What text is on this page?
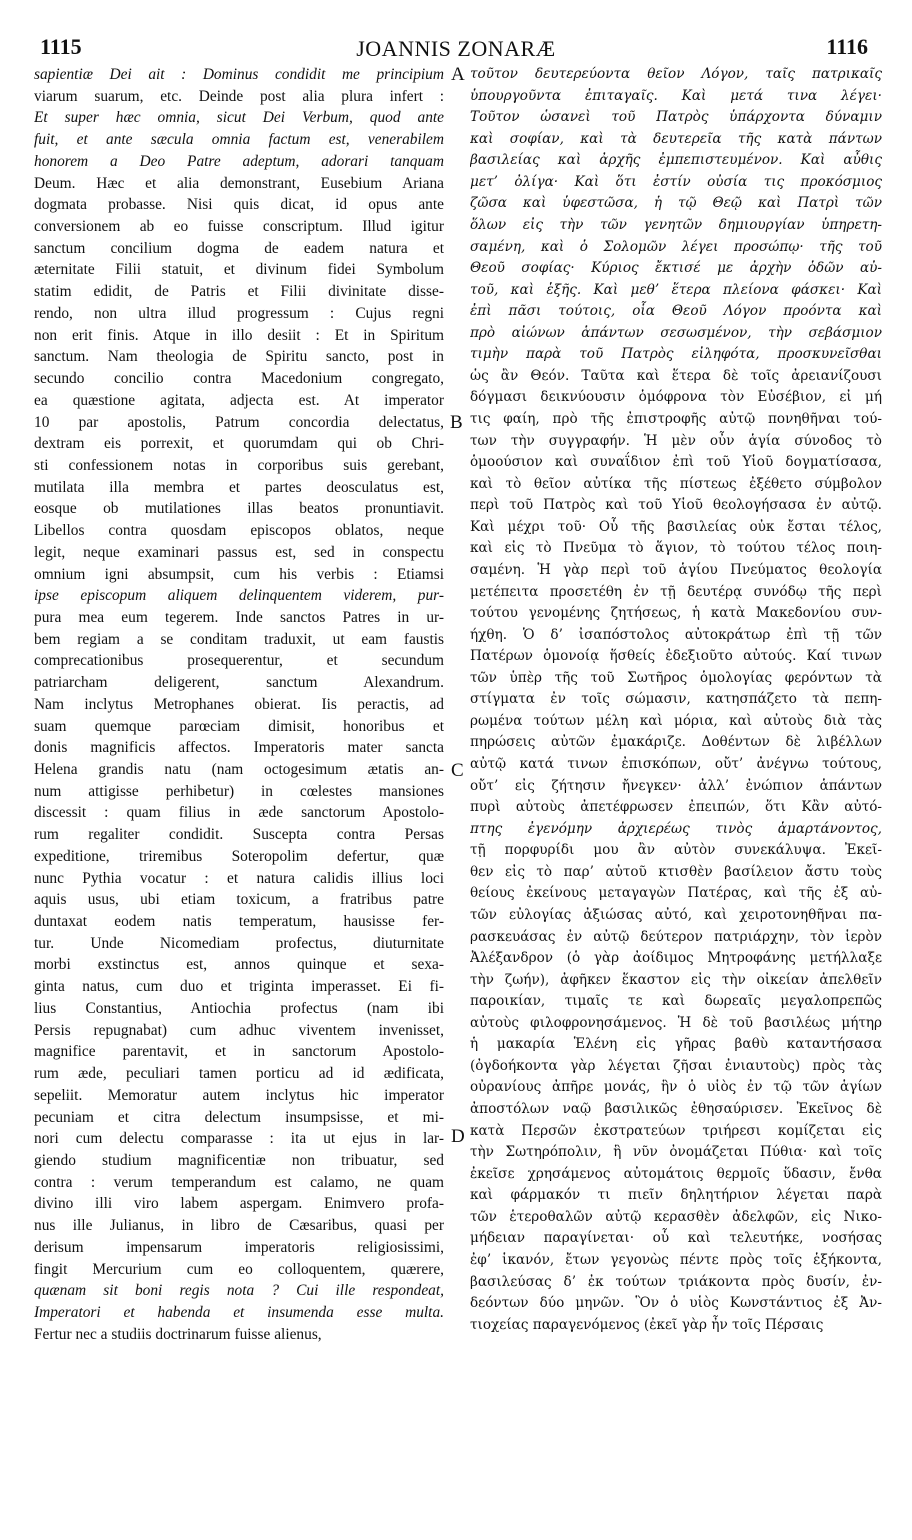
1115	JOANNIS ZONARÆ	1116
sapientiæ Dei ait : Dominus condidit me principium
viarum suarum, etc. Deinde post alia plura infert :
Et super hæc omnia, sicut Dei Verbum, quod ante
fuit, et ante sæcula omnia factum est, venerabilem
honorem a Deo Patre adeptum, adorari tanquam
Deum. Hæc et alia demonstrant, Eusebium Ariana
dogmata probasse. Nisi quis dicat, id opus ante
conversionem ab eo fuisse conscriptum. Illud igitur
sanctum concilium dogma de eadem natura et
æternitate Filii statuit, et divinum fidei Symbolum
statim edidit, de Patris et Filii divinitate disse-
rendo, non ultra illud progressum : Cujus regni
non erit finis. Atque in illo desiit : Et in Spiritum
sanctum. Nam theologia de Spiritu sancto, post in
secundo concilio contra Macedonium congregato,
ea quæstione agitata, adjecta est. At imperator
10 par apostolis, Patrum concordia delectatus,
dextram eis porrexit, et quorumdam qui ob Chri-
sti confessionem notas in corporibus suis gerebant,
mutilata illa membra et partes deosculatus est,
eosque ob mutilationes illas beatos pronuntiavit.
Libellos contra quosdam episcopos oblatos, neque
legit, neque examinari passus est, sed in conspectu
omnium igni absumpsit, cum his verbis : Etiamsi
ipse episcopum aliquem delinquentem viderem, pur-
pura mea eum tegerem. Inde sanctos Patres in ur-
bem regiam a se conditam traduxit, ut eam faustis
comprecationibus prosequerentur, et secundum
patriarcham deligerent, sanctum Alexandrum.
Nam inclytus Metrophanes obierat. Iis peractis, ad
suam quemque parœciam dimisit, honoribus et
donis magnificis affectos. Imperatoris mater sancta
Helena grandis natu (nam octogesimum ætatis an-
num attigisse perhibetur) in cœlestes mansiones
discessit : quam filius in æde sanctorum Apostolo-
rum regaliter condidit. Suscepta contra Persas
expeditione, triremibus Soteropolim defertur, quæ
nunc Pythia vocatur : et natura calidis illius loci
aquis usus, ubi etiam toxicum, a fratribus patre
duntaxat eodem natis temperatum, hausisse fer-
tur. Unde Nicomediam profectus, diuturnitate
morbi exstinctus est, annos quinque et sexa-
ginta natus, cum duo et triginta imperasset. Ei fi-
lius Constantius, Antiochia profectus (nam ibi
Persis repugnabat) cum adhuc viventem invenisset,
magnifice parentavit, et in sanctorum Apostolo-
rum æde, peculiari tamen porticu ad id ædificata,
sepeliit. Memoratur autem inclytus hic imperator
pecuniam et citra delectum insumpsisse, et mi-
nori cum delectu comparasse : ita ut ejus in lar-
giendo studium magnificentiæ non tribuatur, sed
contra : verum temperandum est calamo, ne quam
divino illi viro labem aspergam. Enimvero profa-
nus ille Julianus, in libro de Cæsaribus, quasi per
derisum impensarum imperatoris religiosissimi,
fingit Mercurium cum eo colloquentem, quærere,
quænam sit boni regis nota ? Cui ille respondeat,
Imperatori et habenda et insumenda esse multa.
Fertur nec a studiis doctrinarum fuisse alienus,
τοῦτον δευτερεύοντα θεῖον Λόγον, ταῖς πατρικαῖς
ὑπουργοῦντα ἐπιταγαῖς. Καὶ μετά τινα λέγει·
Τοῦτον ὡσανεὶ τοῦ Πατρὸς ὑπάρχοντα δύναμιν
καὶ σοφίαν, καὶ τὰ δευτερεῖα τῆς κατὰ πάντων
βασιλείας καὶ ἀρχῆς ἐμπεπιστευμένον. Καὶ αὖθις
μετ’ ὀλίγα· Καὶ ὅτι ἐστίν οὐσία τις προκόσμιος
ζῶσα καὶ ὑφεστῶσα, ἡ τῷ Θεῷ καὶ Πατρὶ τῶν
ὅλων εἰς τὴν τῶν γενητῶν δημιουργίαν ὑπηρετη-
σαμένη, καὶ ὁ Σολομῶν λέγει προσώπῳ· τῆς τοῦ
Θεοῦ σοφίας· Κύριος ἔκτισέ με ἀρχὴν ὁδῶν αὐ-
τοῦ, καὶ ἑξῆς. Καὶ μεθ’ ἕτερα πλείονα φάσκει· Καὶ
ἐπὶ πᾶσι τούτοις, οἷα Θεοῦ Λόγον προόντα καὶ
πρὸ αἰώνων ἁπάντων σεσωσμένον, τὴν σεβάσμιον
τιμὴν παρὰ τοῦ Πατρὸς εἰληφότα, προσκυνεῖσθαι
ὡς ἂν Θεόν. Ταῦτα καὶ ἕτερα δὲ τοῖς ἀρειανίζουσι
δόγμασι δεικνύουσιν ὁμόφρονα τὸν Εὐσέβιον, εἰ μή
τις φαίη, πρὸ τῆς ἐπιστροφῆς αὐτῷ πονηθῆναι τού-
των τὴν συγγραφήν. Ἡ μὲν οὖν ἁγία σύνοδος τὸ
ὁμοούσιον καὶ συναΐδιον ἐπὶ τοῦ Υἱοῦ δογματίσασα,
καὶ τὸ θεῖον αὐτίκα τῆς πίστεως ἐξέθετο σύμβολον
περὶ τοῦ Πατρὸς καὶ τοῦ Υἱοῦ θεολογήσασα ἐν αὐτῷ.
Καὶ μέχρι τοῦ· Οὗ τῆς βασιλείας οὐκ ἔσται τέλος,
καὶ εἰς τὸ Πνεῦμα τὸ ἅγιον, τὸ τούτου τέλος ποιη-
σαμένη. Ἡ γὰρ περὶ τοῦ ἁγίου Πνεύματος θεολογία
μετέπειτα προσετέθη ἐν τῇ δευτέρᾳ συνόδῳ τῆς περὶ
τούτου γενομένης ζητήσεως, ἡ κατὰ Μακεδονίου συν-
ήχθη. Ὁ δ’ ἰσαπόστολος αὐτοκράτωρ ἐπὶ τῇ τῶν
Πατέρων ὁμονοίᾳ ἥσθείς ἐδεξιοῦτο αὐτούς. Καί τινων
τῶν ὑπὲρ τῆς τοῦ Σωτῆρος ὁμολογίας φερόντων τὰ
στίγματα ἐν τοῖς σώμασιν, κατησπάζετο τὰ πεπη-
ρωμένα τούτων μέλη καὶ μόρια, καὶ αὐτοὺς διὰ τὰς
πηρώσεις αὐτῶν ἐμακάριζε. Δοθέντων δὲ λιβέλλων
αὐτῷ κατά τινων ἐπισκόπων, οὔτ’ ἀνέγνω τούτους,
οὔτ’ εἰς ζήτησιν ἤνεγκεν· ἀλλ’ ἐνώπιον ἁπάντων
πυρὶ αὐτοὺς ἀπετέφρωσεν ἐπειπών, ὅτι Κἂν αὐτό-
πτης ἐγενόμην ἀρχιερέως τινὸς ἁμαρτάνοντος,
τῇ πορφυρίδι μου ἂν αὐτὸν συνεκάλυψα. Ἐκεῖ-
θεν εἰς τὸ παρ’ αὐτοῦ κτισθὲν βασίλειον ἄστυ τοὺς
θείους ἐκείνους μεταγαγὼν Πατέρας, καὶ τῆς ἐξ αὐ-
τῶν εὐλογίας ἀξιώσας αὐτό, καὶ χειροτονηθῆναι πα-
ρασκευάσας ἐν αὐτῷ δεύτερον πατριάρχην, τὸν ἱερὸν
Ἀλέξανδρον (ὁ γὰρ ἀοίδιμος Μητροφάνης μετήλλαξε
τὴν ζωήν), ἀφῆκεν ἕκαστον εἰς τὴν οἰκείαν ἀπελθεῖν
παροικίαν, τιμαῖς τε καὶ δωρεαῖς μεγαλοπρεπῶς
αὐτοὺς φιλοφρονησάμενος. Ἡ δὲ τοῦ βασιλέως μήτηρ
ἡ μακαρία Ἑλένη εἰς γῆρας βαθὺ καταντήσασα
(ὀγδοήκοντα γὰρ λέγεται ζῆσαι ἐνιαυτοὺς) πρὸς τὰς
οὐρανίους ἀπῆρε μονάς, ἣν ὁ υἱὸς ἐν τῷ τῶν ἁγίων
ἀποστόλων ναῷ βασιλικῶς ἐθησαύρισεν. Ἐκεῖνος δὲ
κατὰ Περσῶν ἐκστρατεύων τριήρεσι κομίζεται εἰς
τὴν Σωτηρόπολιν, ἣ νῦν ὀνομάζεται Πύθια· καὶ τοῖς
ἐκεῖσε χρησάμενος αὐτομάτοις θερμοῖς ὕδασιν, ἔνθα
καὶ φάρμακόν τι πιεῖν δηλητήριον λέγεται παρὰ
τῶν ἑτεροθαλῶν αὐτῷ κερασθὲν ἀδελφῶν, εἰς Νικο-
μήδειαν παραγίνεται· οὗ καὶ τελευτήκε, νοσήσας
ἐφ’ ἱκανόν, ἔτων γεγονὼς πέντε πρὸς τοῖς ἑξήκοντα,
βασιλεύσας δ’ ἐκ τούτων τριάκοντα πρὸς δυσίν, ἐν-
δεόντων δύο μηνῶν. Ὃν ὁ υἱὸς Κωνστάντιος ἐξ Ἀν-
τιοχείας παραγενόμενος (ἐκεῖ γὰρ ἦν τοῖς Πέρσαις
A
B
C
D
